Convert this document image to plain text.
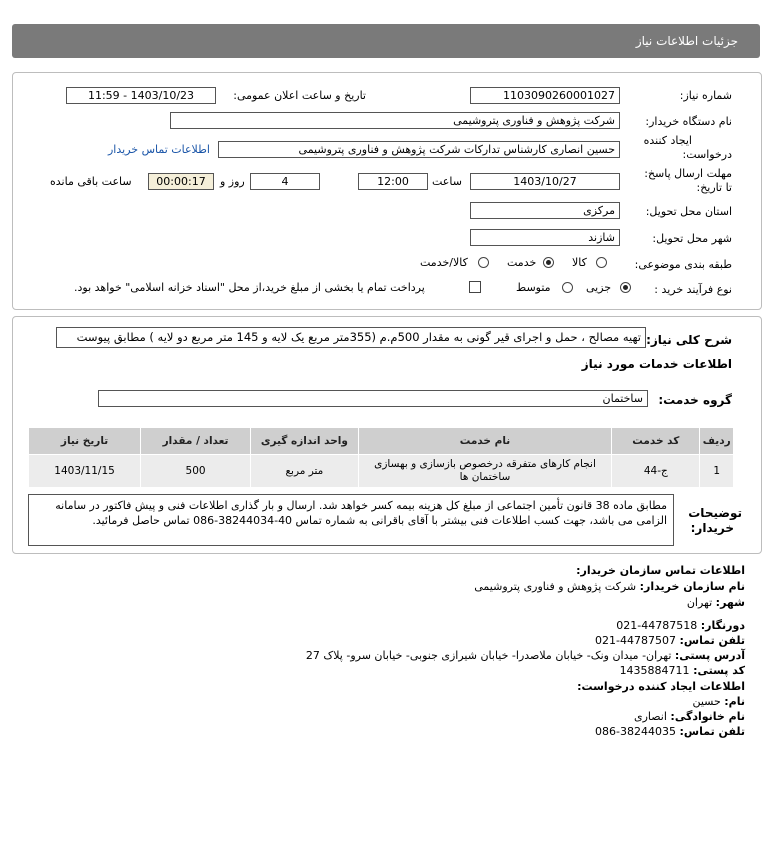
جزئیات اطلاعات نیاز
شماره نیاز:
1103090260001027
تاریخ و ساعت اعلان عمومی:
1403/10/23 - 11:59
نام دستگاه خریدار:
شرکت پژوهش و فناوری پتروشیمی
ایجاد کننده
درخواست:
حسین انصاری کارشناس تدارکات شرکت پژوهش و فناوری پتروشیمی
اطلاعات تماس خریدار
مهلت ارسال پاسخ:
تا تاریخ:
1403/10/27
ساعت
12:00
4
روز و
00:00:17
ساعت باقی مانده
استان محل تحویل:
مرکزی
شهر محل تحویل:
شازند
طبقه بندی موضوعی:
کالا
خدمت
کالا/خدمت
نوع فرآیند خرید :
جزیی
متوسط
پرداخت تمام یا بخشی از مبلغ خرید،از محل "اسناد خزانه اسلامی" خواهد بود.
شرح کلی نیاز:
تهیه مصالح ، حمل و اجرای قیر گونی به مقدار 500م.م (355متر مربع یک لایه و 145 متر مربع دو لایه ) مطابق پیوست
اطلاعات خدمات مورد نیاز
گروه خدمت:
ساختمان
ردیف	کد خدمت	نام خدمت	واحد اندازه گیری	تعداد / مقدار	تاریخ نیاز
1	ج-44	انجام کارهای متفرقه درخصوص بازسازی و بهسازی ساختمان ها	متر مربع	500	1403/11/15
توضیحات
خریدار:
مطابق ماده 38 قانون تأمین اجتماعی از مبلغ کل هزینه بیمه کسر خواهد شد. ارسال و بار گذاری اطلاعات فنی و پیش فاکتور در سامانه الزامی می باشد، جهت کسب اطلاعات فنی بیشتر با آقای باقرانی به شماره تماس 40-38244034-086 تماس حاصل فرمائید.
اطلاعات تماس سازمان خریدار:
نام سازمان خریدار: شرکت پژوهش و فناوری پتروشیمی
شهر: تهران
دورنگار: 44787518-021
تلفن تماس: 44787507-021
آدرس پستی: تهران- میدان ونک- خیابان ملاصدرا- خیابان شیرازی جنوبی- خیابان سرو- پلاک 27
کد پستی: 1435884711
اطلاعات ایجاد کننده درخواست:
نام: حسین
نام خانوادگی: انصاری
تلفن تماس: 38244035-086
